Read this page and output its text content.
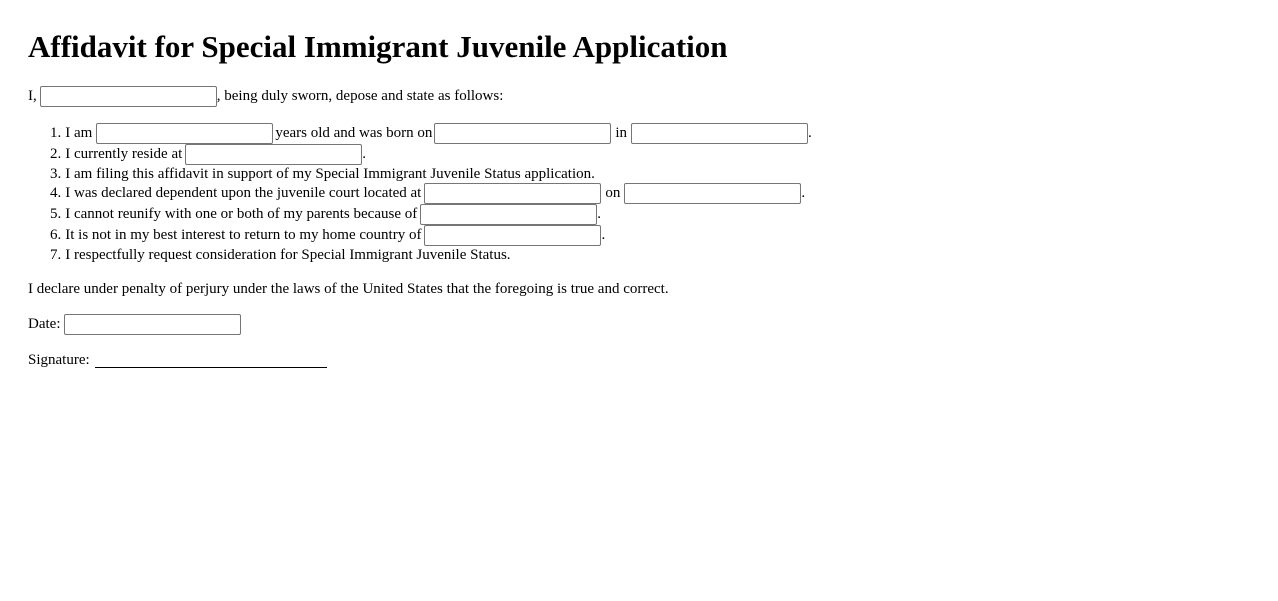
Affidavit for Special Immigrant Juvenile Application
I,	, being duly sworn, depose and state as follows:
1. I am	years old and was born on	in	.
2. I currently reside at	.
3. I am filing this affidavit in support of my Special Immigrant Juvenile Status application.
4. I was declared dependent upon the juvenile court located at	on	.
5. I cannot reunify with one or both of my parents because of	.
6. It is not in my best interest to return to my home country of	.
7. I respectfully request consideration for Special Immigrant Juvenile Status.
I declare under penalty of perjury under the laws of the United States that the foregoing is true and correct.
Date:
Signature:
